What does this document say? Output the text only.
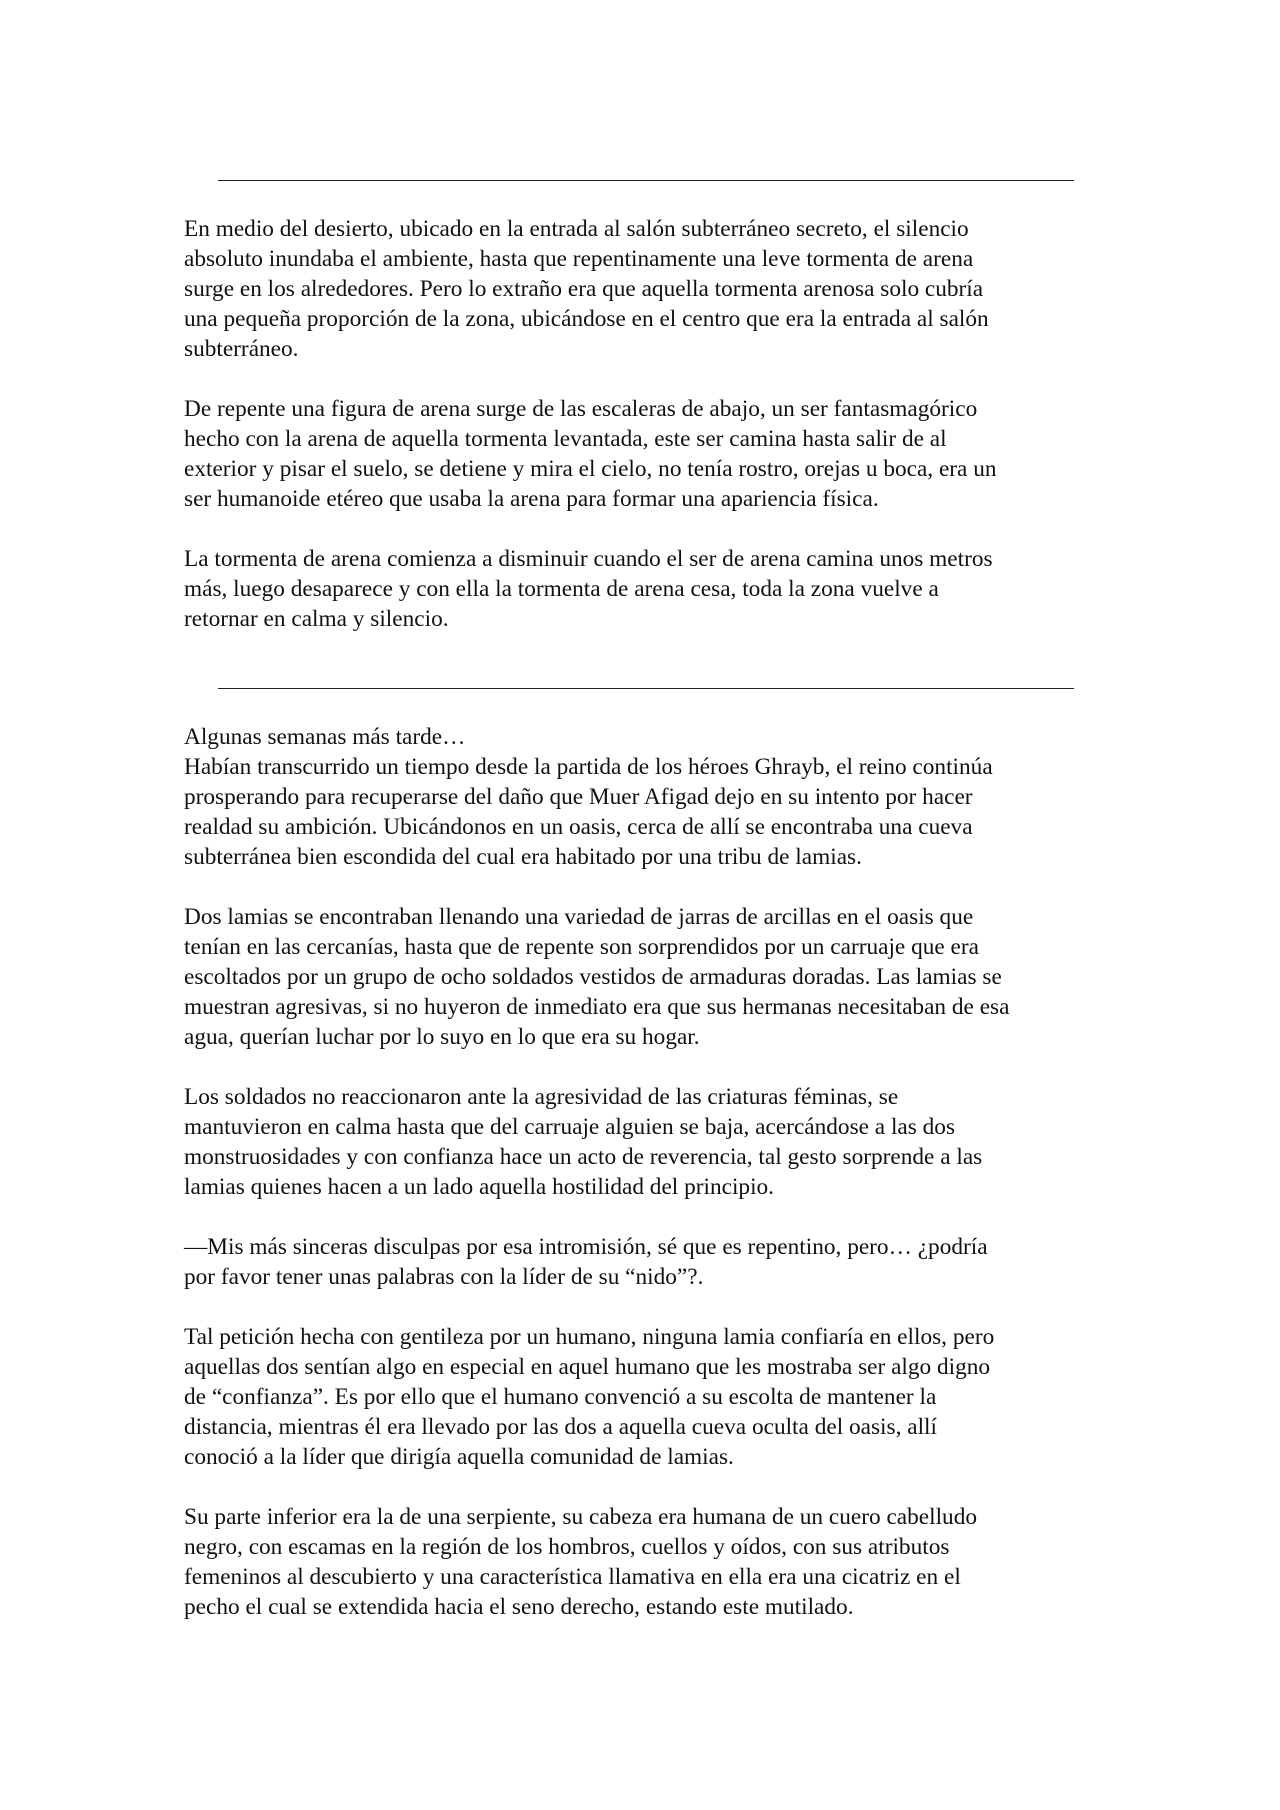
En medio del desierto, ubicado en la entrada al salón subterráneo secreto, el silencio
absoluto inundaba el ambiente, hasta que repentinamente una leve tormenta de arena
surge en los alrededores. Pero lo extraño era que aquella tormenta arenosa solo cubría
una pequeña proporción de la zona, ubicándose en el centro que era la entrada al salón
subterráneo.

De repente una figura de arena surge de las escaleras de abajo, un ser fantasmagórico
hecho con la arena de aquella tormenta levantada, este ser camina hasta salir de al
exterior y pisar el suelo, se detiene y mira el cielo, no tenía rostro, orejas u boca, era un
ser humanoide etéreo que usaba la arena para formar una apariencia física.

La tormenta de arena comienza a disminuir cuando el ser de arena camina unos metros
más, luego desaparece y con ella la tormenta de arena cesa, toda la zona vuelve a
retornar en calma y silencio.

Algunas semanas más tarde…

Habían transcurrido un tiempo desde la partida de los héroes Ghrayb, el reino continúa
prosperando para recuperarse del daño que Muer Afigad dejo en su intento por hacer
realdad su ambición. Ubicándonos en un oasis, cerca de allí se encontraba una cueva
subterránea bien escondida del cual era habitado por una tribu de lamias.

Dos lamias se encontraban llenando una variedad de jarras de arcillas en el oasis que
tenían en las cercanías, hasta que de repente son sorprendidos por un carruaje que era
escoltados por un grupo de ocho soldados vestidos de armaduras doradas. Las lamias se
muestran agresivas, si no huyeron de inmediato era que sus hermanas necesitaban de esa
agua, querían luchar por lo suyo en lo que era su hogar.

Los soldados no reaccionaron ante la agresividad de las criaturas féminas, se
mantuvieron en calma hasta que del carruaje alguien se baja, acercándose a las dos
monstruosidades y con confianza hace un acto de reverencia, tal gesto sorprende a las
lamias quienes hacen a un lado aquella hostilidad del principio.

—Mis más sinceras disculpas por esa intromisión, sé que es repentino, pero… ¿podría
por favor tener unas palabras con la líder de su “nido”?.

Tal petición hecha con gentileza por un humano, ninguna lamia confiaría en ellos, pero
aquellas dos sentían algo en especial en aquel humano que les mostraba ser algo digno
de “confianza”. Es por ello que el humano convenció a su escolta de mantener la
distancia, mientras él era llevado por las dos a aquella cueva oculta del oasis, allí
conoció a la líder que dirigía aquella comunidad de lamias.

Su parte inferior era la de una serpiente, su cabeza era humana de un cuero cabelludo
negro, con escamas en la región de los hombros, cuellos y oídos, con sus atributos
femeninos al descubierto y una característica llamativa en ella era una cicatriz en el
pecho el cual se extendida hacia el seno derecho, estando este mutilado.
